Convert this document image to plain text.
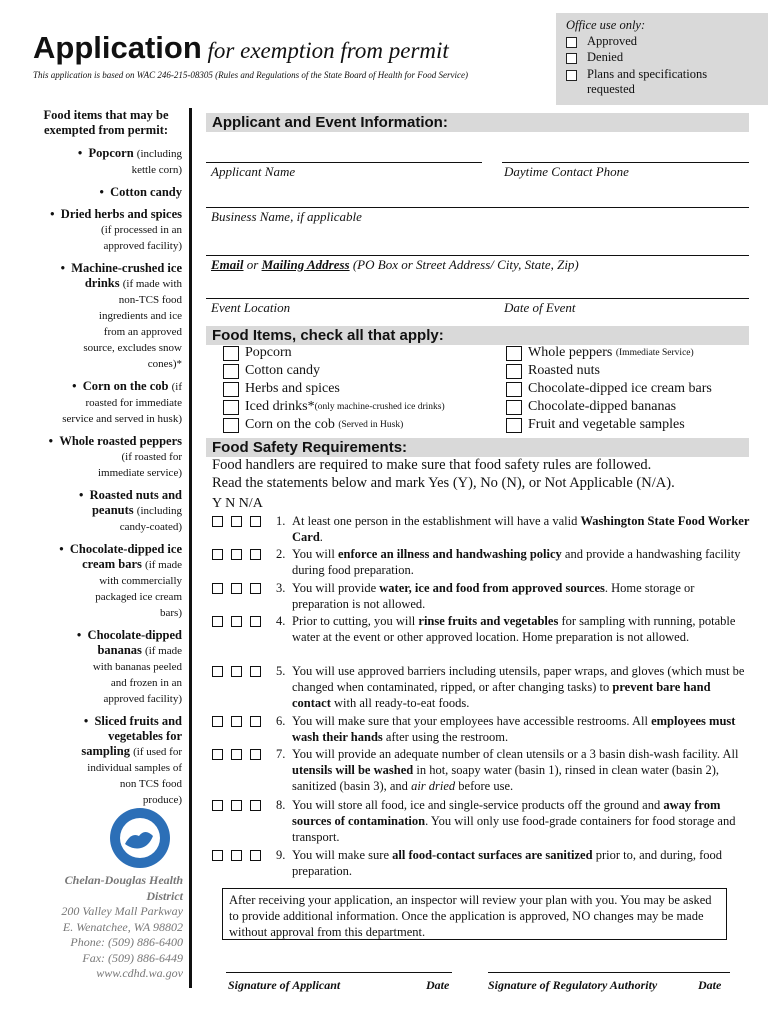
Application for exemption from permit
This application is based on WAC 246-215-08305 (Rules and Regulations of the State Board of Health for Food Service)
Office use only:
Approved
Denied
Plans and specifications
requested
Food items that may be
exempted from permit:
•  Popcorn (including
kettle corn)
•  Cotton candy
•  Dried herbs and spices
(if processed in an
approved facility)
•  Machine-crushed ice
drinks (if made with
non-TCS food
ingredients and ice
from an approved
source, excludes snow
cones)*
•  Corn on the cob (if
roasted for immediate
service and served in husk)
•  Whole roasted peppers
(if roasted for
immediate service)
•  Roasted nuts and
peanuts (including
candy-coated)
•  Chocolate-dipped ice
cream bars (if made
with commercially
packaged ice cream
bars)
•  Chocolate-dipped
bananas (if made
with bananas peeled
and frozen in an
approved facility)
•  Sliced fruits and
vegetables for
sampling (if used for
individual samples of
non TCS food
produce)
Chelan-Douglas Health
District
200 Valley Mall Parkway
E. Wenatchee, WA 98802
Phone: (509) 886-6400
Fax: (509) 886-6449
www.cdhd.wa.gov
Applicant and Event Information:
Applicant Name	Daytime Contact Phone
Business Name, if applicable
Email or Mailing Address (PO Box or Street Address/ City, State, Zip)
Event Location	Date of Event
Food Items, check all that apply:
Popcorn
Cotton candy
Herbs and spices
Iced drinks* (only machine-crushed ice drinks)
Corn on the cob
(Served in Husk)
Whole peppers
(Immediate Service)
Roasted nuts
Chocolate-dipped ice cream bars
Chocolate-dipped bananas
Fruit and vegetable samples
Food Safety Requirements:
Food handlers are required to make sure that food safety rules are followed.
Read the statements below and mark Yes (Y), No (N), or Not Applicable (N/A).
Y N N/A
1. At least one person in the establishment will have a valid Washington State Food Worker Card.
2. You will enforce an illness and handwashing policy and provide a handwashing facility during food preparation.
3. You will provide water, ice and food from approved sources. Home storage or preparation is not allowed.
4. Prior to cutting, you will rinse fruits and vegetables for sampling with running, potable water at the event or other approved location. Home preparation is not allowed.
5. You will use approved barriers including utensils, paper wraps, and gloves (which must be changed when contaminated, ripped, or after changing tasks) to prevent bare hand contact with all ready-to-eat foods.
6. You will make sure that your employees have accessible restrooms. All employees must wash their hands after using the restroom.
7. You will provide an adequate number of clean utensils or a 3 basin dish-wash facility. All utensils will be washed in hot, soapy water (basin 1), rinsed in clean water (basin 2), sanitized (basin 3), and air dried before use.
8. You will store all food, ice and single-service products off the ground and away from sources of contamination. You will only use food-grade containers for food storage and transport.
9. You will make sure all food-contact surfaces are sanitized prior to, and during, food preparation.
After receiving your application, an inspector will review your plan with you. You may be asked to provide additional information. Once the application is approved, NO changes may be made without approval from this department.
Signature of Applicant	Date	Signature of Regulatory Authority	Date
